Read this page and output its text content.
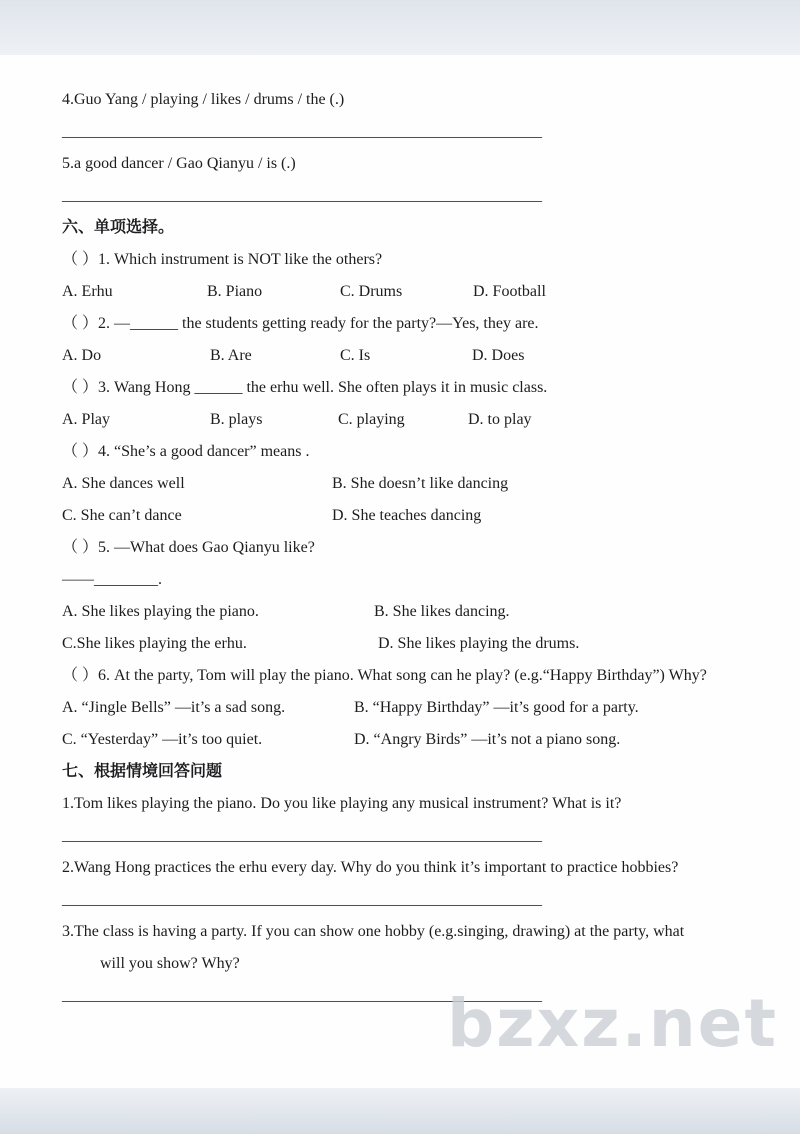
4.Guo Yang / playing / likes / drums / the (.)
____________________________________________________________
5.a good dancer / Gao Qianyu / is (.)
____________________________________________________________
六、单项选择。
（ ）1. Which instrument is NOT like the others?
A. Erhu	B. Piano	C. Drums	D. Football
（ ）2. —______ the students getting ready for the party?—Yes, they are.
A. Do	B. Are	C. Is	D. Does
（ ）3. Wang Hong ______ the erhu well. She often plays it in music class.
A. Play	B. plays	C. playing	D. to play
（ ）4. “She’s a good dancer” means .
A. She dances well	B. She doesn’t like dancing
C. She can’t dance	D. She teaches dancing
（ ）5. —What does Gao Qianyu like?
——________.
A. She likes playing the piano.	B. She likes dancing.
C.She likes playing the erhu.	D. She likes playing the drums.
（ ）6. At the party, Tom will play the piano. What song can he play? (e.g.“Happy Birthday”) Why?
A. “Jingle Bells” —it’s a sad song.	B. “Happy Birthday” —it’s good for a party.
C. “Yesterday” —it’s too quiet.	D. “Angry Birds” —it’s not a piano song.
七、根据情境回答问题
1.Tom likes playing the piano. Do you like playing any musical instrument? What is it?
____________________________________________________________
2.Wang Hong practices the erhu every day. Why do you think it’s important to practice hobbies?
____________________________________________________________
3.The class is having a party. If you can show one hobby (e.g.singing, drawing) at the party, what
will you show? Why?
____________________________________________________________
bzxz.net
